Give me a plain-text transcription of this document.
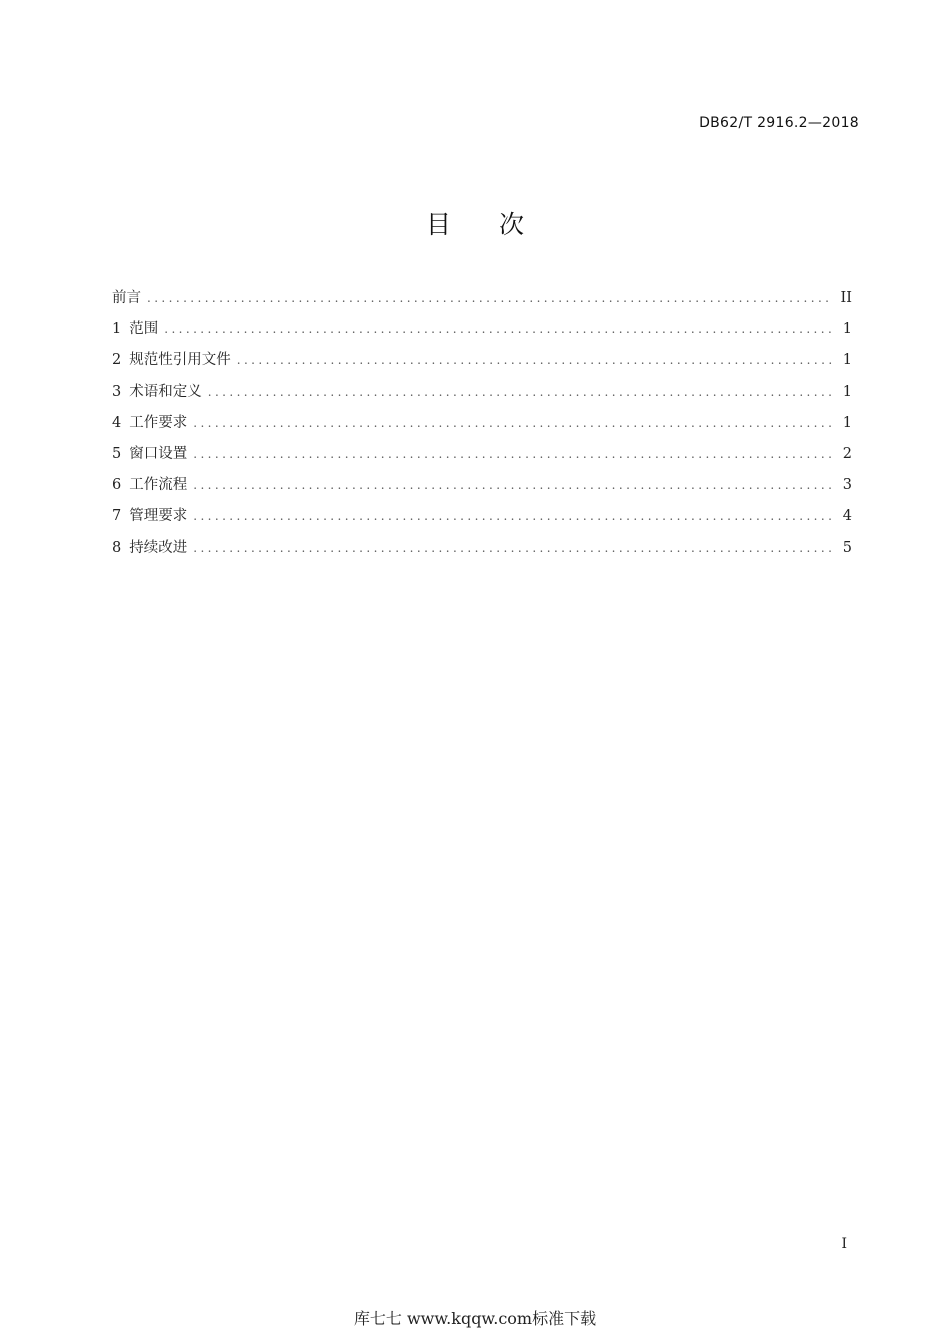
DB62/T 2916.2—2018
目 次
前言 .....	II
1 范围 .....	1
2 规范性引用文件 .....	1
3 术语和定义 .....	1
4 工作要求 .....	1
5 窗口设置 .....	2
6 工作流程 .....	3
7 管理要求 .....	4
8 持续改进 .....	5
I
库七七 www.kqqw.com标准下载
